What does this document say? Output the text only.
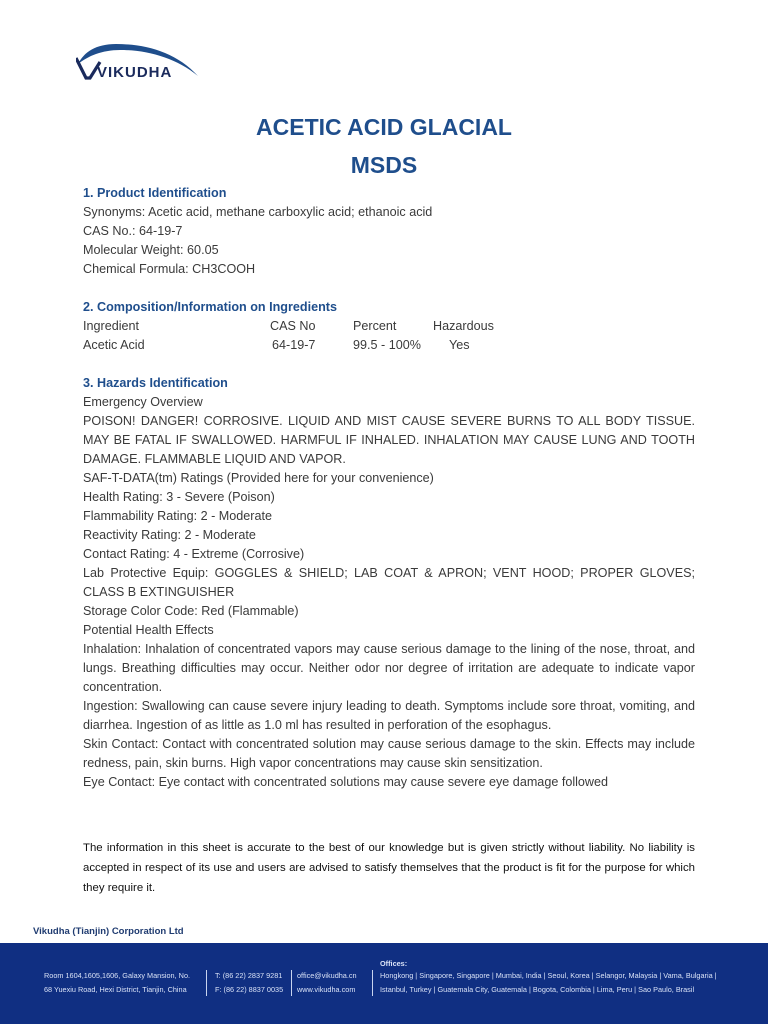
VIKUDHA
ACETIC ACID GLACIAL
MSDS
1. Product Identification
Synonyms: Acetic acid, methane carboxylic acid; ethanoic acid
CAS No.: 64-19-7
Molecular Weight: 60.05
Chemical Formula: CH3COOH
2. Composition/Information on Ingredients
Ingredient	CAS No	Percent	Hazardous
Acetic Acid	64-19-7	99.5 - 100% Yes
3. Hazards Identification
Emergency Overview
POISON! DANGER! CORROSIVE. LIQUID AND MIST CAUSE SEVERE BURNS TO ALL BODY TISSUE. MAY BE FATAL IF SWALLOWED. HARMFUL IF INHALED. INHALATION MAY CAUSE LUNG AND TOOTH DAMAGE. FLAMMABLE LIQUID AND VAPOR.
SAF-T-DATA(tm) Ratings (Provided here for your convenience)
Health Rating: 3 - Severe (Poison)
Flammability Rating: 2 - Moderate
Reactivity Rating: 2 - Moderate
Contact Rating: 4 - Extreme (Corrosive)
Lab Protective Equip: GOGGLES & SHIELD; LAB COAT & APRON; VENT HOOD; PROPER GLOVES; CLASS B EXTINGUISHER
Storage Color Code: Red (Flammable)
Potential Health Effects
Inhalation: Inhalation of concentrated vapors may cause serious damage to the lining of the nose, throat, and lungs. Breathing difficulties may occur. Neither odor nor degree of irritation are adequate to indicate vapor concentration.
Ingestion: Swallowing can cause severe injury leading to death. Symptoms include sore throat, vomiting, and diarrhea. Ingestion of as little as 1.0 ml has resulted in perforation of the esophagus.
Skin Contact: Contact with concentrated solution may cause serious damage to the skin. Effects may include redness, pain, skin burns. High vapor concentrations may cause skin sensitization.
Eye Contact: Eye contact with concentrated solutions may cause severe eye damage followed
The information in this sheet is accurate to the best of our knowledge but is given strictly without liability. No liability is accepted in respect of its use and users are advised to satisfy themselves that the product is fit for the purpose for which they require it.
Vikudha (Tianjin) Corporation Ltd
Room 1604,1605,1606, Galaxy Mansion, No.
68 Yuexiu Road, Hexi District, Tianjin, China
T: (86 22) 2837 9281
F: (86 22) 8837 0035
office@vikudha.cn
www.vikudha.com
Offices:
Hongkong | Singapore, Singapore | Mumbai, India | Seoul, Korea | Selangor, Malaysia | Vama, Bulgaria |
Istanbul, Turkey | Guatemala City, Guatemala | Bogota, Colombia | Lima, Peru | Sao Paulo, Brasil
